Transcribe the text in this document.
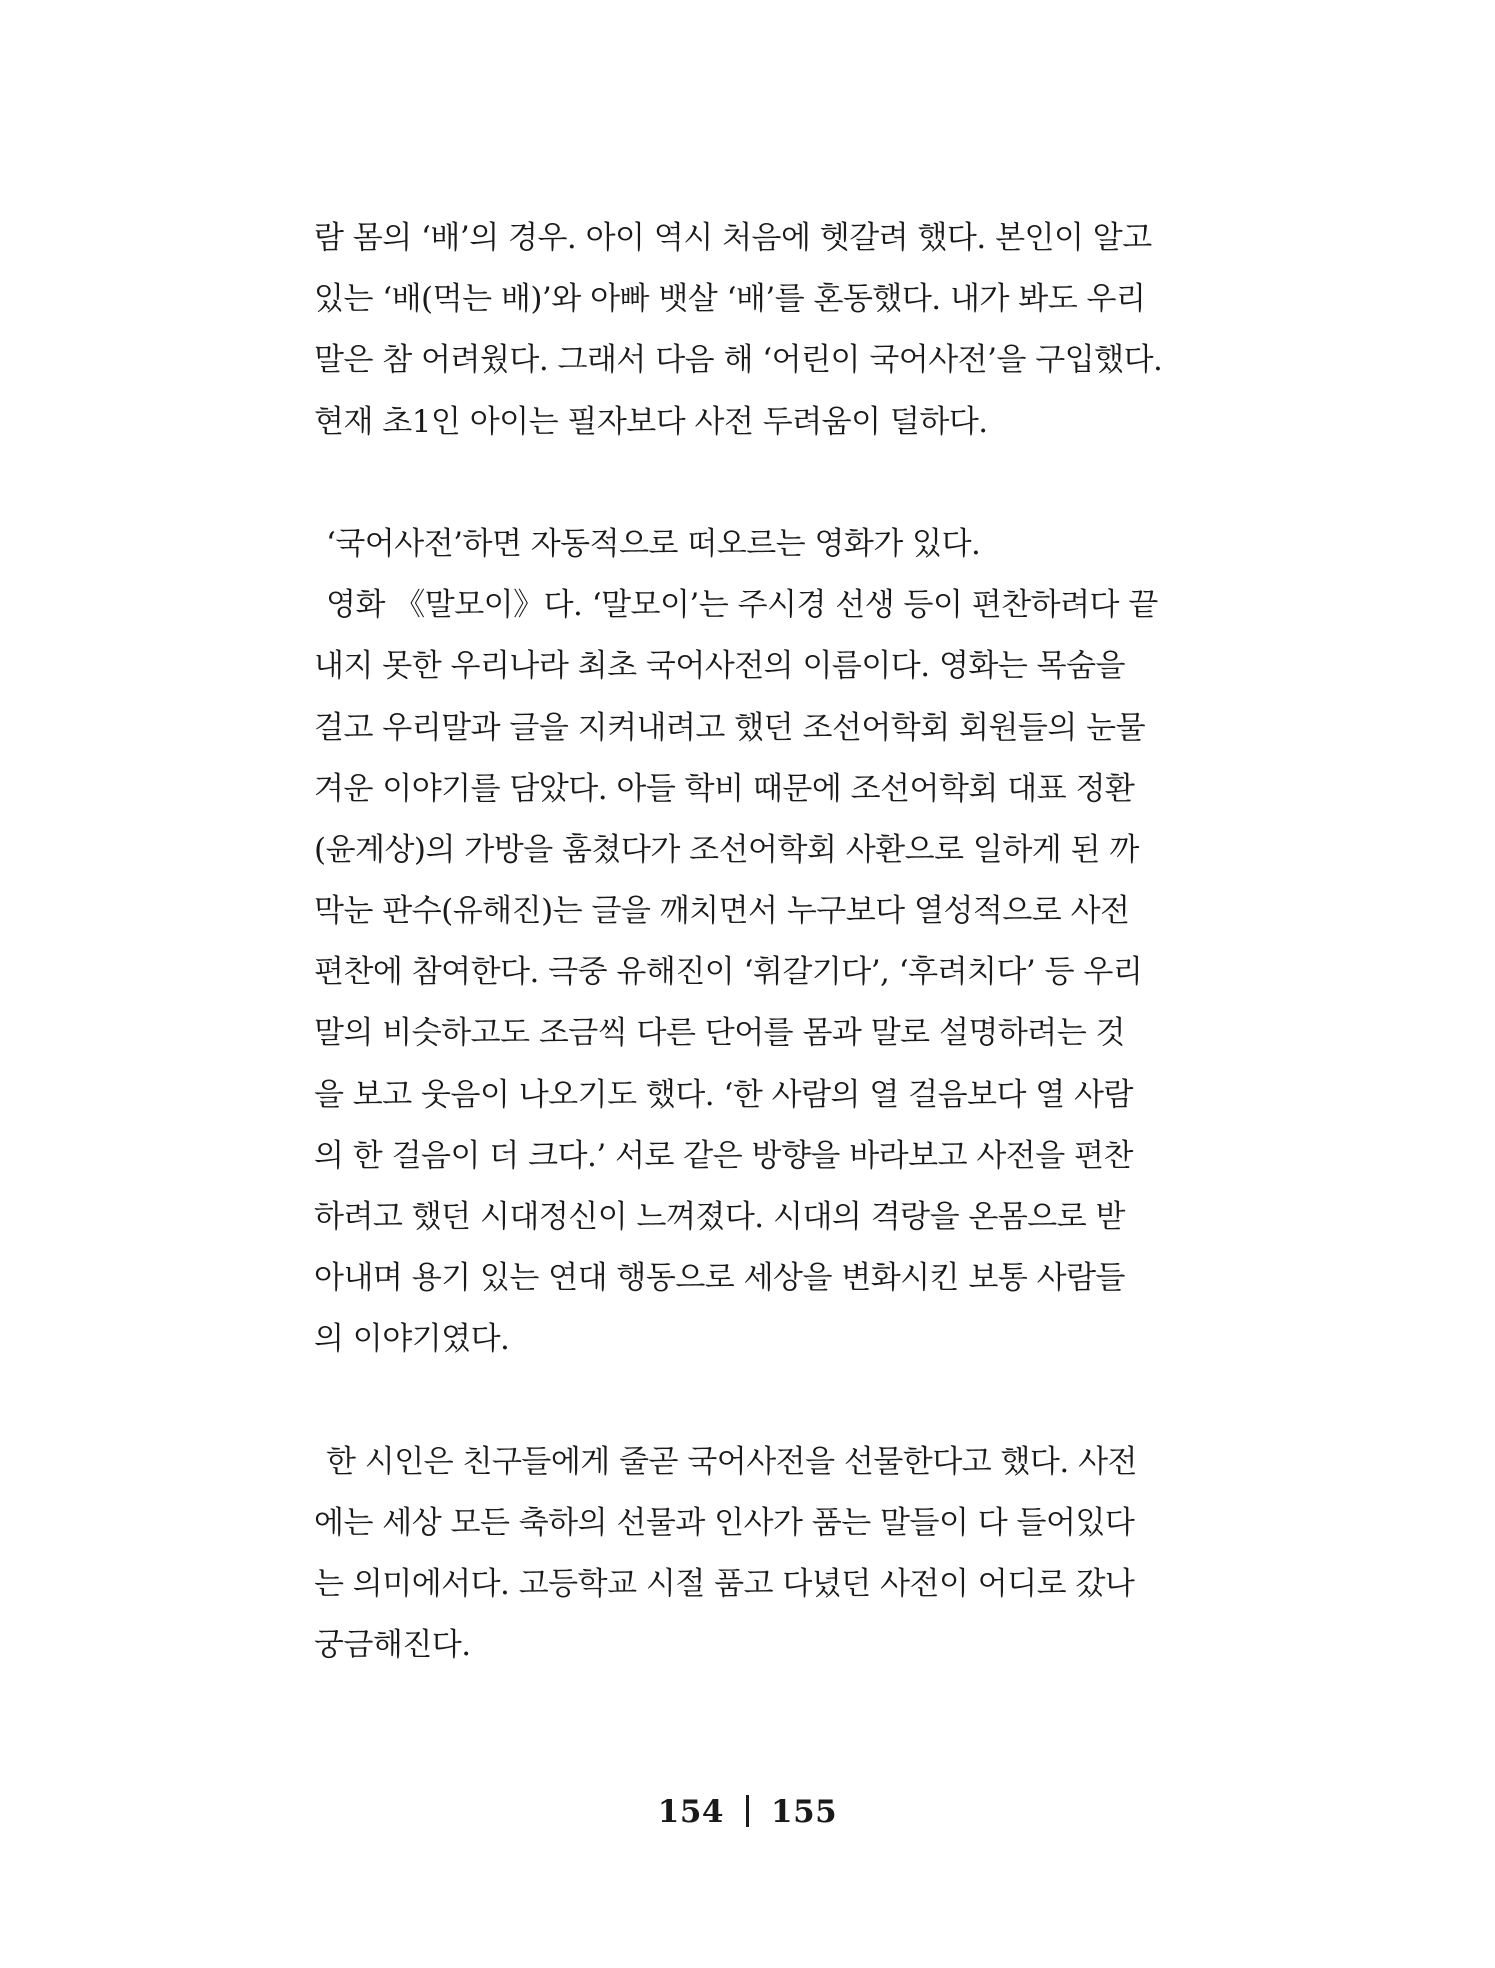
람 몸의 ‘배’의 경우. 아이 역시 처음에 헷갈려 했다. 본인이 알고
있는 ‘배(먹는 배)’와 아빠 뱃살 ‘배’를 혼동했다. 내가 봐도 우리
말은 참 어려웠다. 그래서 다음 해 ‘어린이 국어사전’을 구입했다.
현재 초1인 아이는 필자보다 사전 두려움이 덜하다.
‘국어사전’하면 자동적으로 떠오르는 영화가 있다.
영화 《말모이》다. ‘말모이’는 주시경 선생 등이 편찬하려다 끝
내지 못한 우리나라 최초 국어사전의 이름이다. 영화는 목숨을
걸고 우리말과 글을 지켜내려고 했던 조선어학회 회원들의 눈물
겨운 이야기를 담았다. 아들 학비 때문에 조선어학회 대표 정환
(윤계상)의 가방을 훔쳤다가 조선어학회 사환으로 일하게 된 까
막눈 판수(유해진)는 글을 깨치면서 누구보다 열성적으로 사전
편찬에 참여한다. 극중 유해진이 ‘휘갈기다’, ‘후려치다’ 등 우리
말의 비슷하고도 조금씩 다른 단어를 몸과 말로 설명하려는 것
을 보고 웃음이 나오기도 했다. ‘한 사람의 열 걸음보다 열 사람
의 한 걸음이 더 크다.’ 서로 같은 방향을 바라보고 사전을 편찬
하려고 했던 시대정신이 느껴졌다. 시대의 격랑을 온몸으로 받
아내며 용기 있는 연대 행동으로 세상을 변화시킨 보통 사람들
의 이야기였다.
한 시인은 친구들에게 줄곧 국어사전을 선물한다고 했다. 사전
에는 세상 모든 축하의 선물과 인사가 품는 말들이 다 들어있다
는 의미에서다. 고등학교 시절 품고 다녔던 사전이 어디로 갔나
궁금해진다.
154 155
